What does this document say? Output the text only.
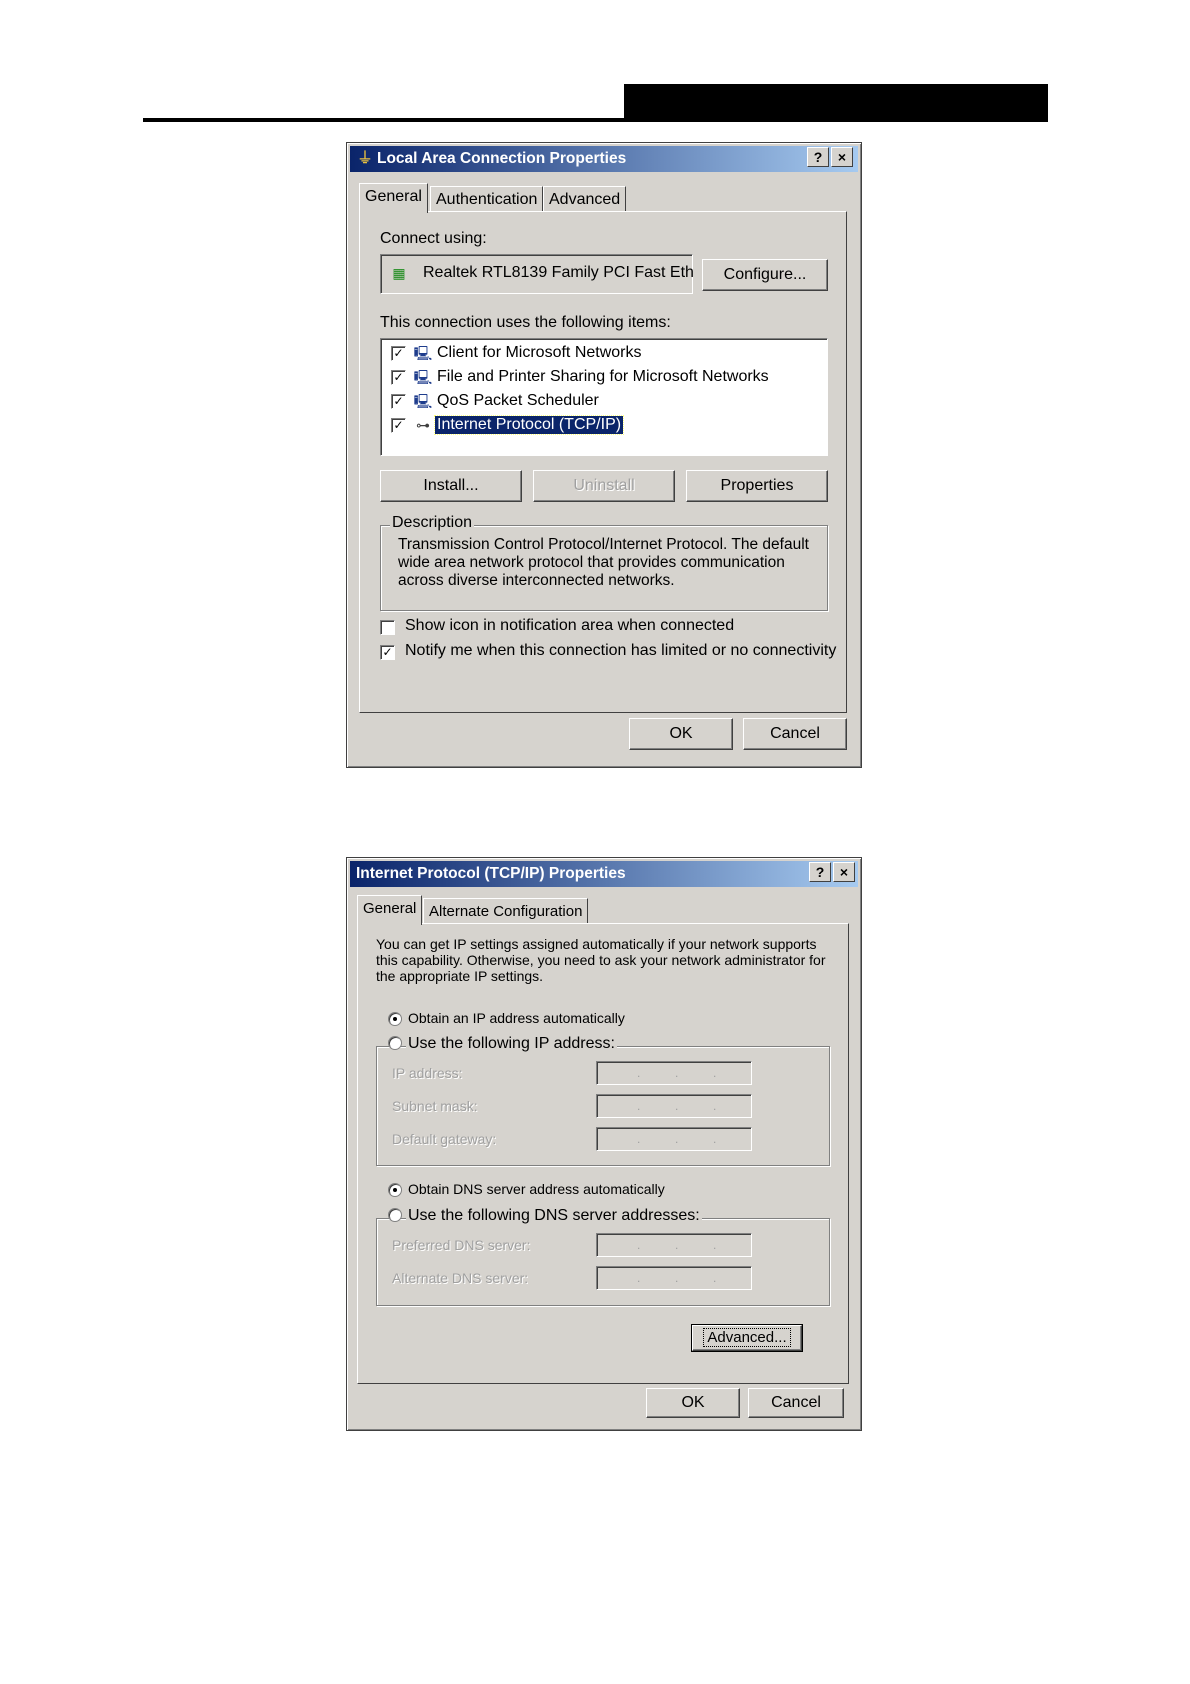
⏚ Local Area Connection Properties	?	×
General Authentication Advanced
Connect using:
▦ Realtek RTL8139 Family PCI Fast Eth	Configure...
This connection uses the following items:
✓ 🖳 Client for Microsoft Networks
✓ 🖳 File and Printer Sharing for Microsoft Networks
✓ 🖳 QoS Packet Scheduler
✓ ⊶ Internet Protocol (TCP/IP)
Install...	Uninstall	Properties
Description
Transmission Control Protocol/Internet Protocol. The default
wide area network protocol that provides communication
across diverse interconnected networks.
Show icon in notification area when connected
✓ Notify me when this connection has limited or no connectivity
OK	Cancel
Internet Protocol (TCP/IP) Properties	?	×
General Alternate Configuration
You can get IP settings assigned automatically if your network supports
this capability. Otherwise, you need to ask your network administrator for
the appropriate IP settings.
Obtain an IP address automatically
Use the following IP address:
IP address:	.	.	.
Subnet mask:	.	.	.
Default gateway:	.	.	.
Obtain DNS server address automatically
Use the following DNS server addresses:
Preferred DNS server:	.	.	.
Alternate DNS server:	.	.	.
Advanced...
OK	Cancel
